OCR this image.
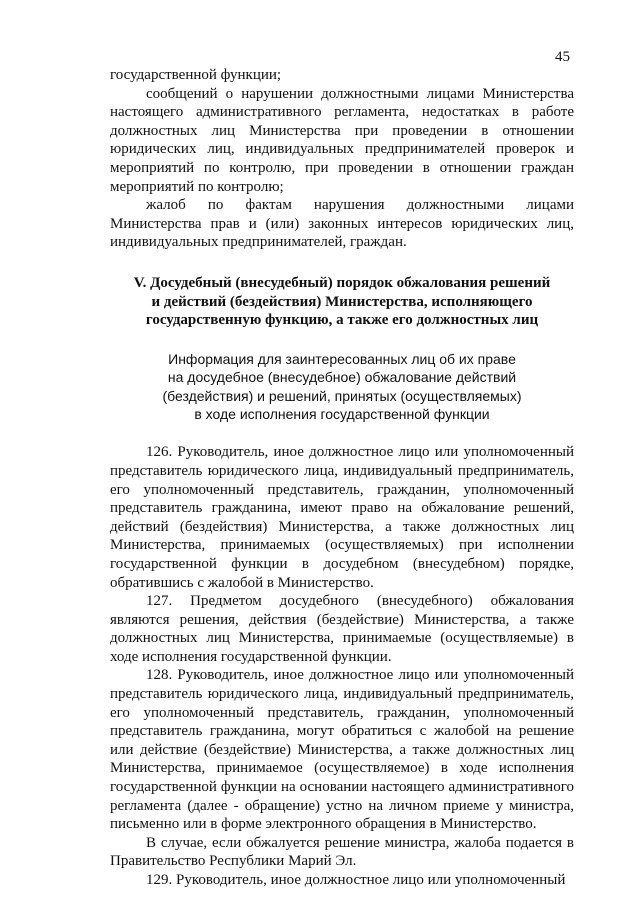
45

государственной функции;

сообщений о нарушении должностными лицами Министерства настоящего административного регламента, недостатках в работе должностных лиц Министерства при проведении в отношении юридических лиц, индивидуальных предпринимателей проверок и мероприятий по контролю, при проведении в отношении граждан мероприятий по контролю;

жалоб по фактам нарушения должностными лицами Министерства прав и (или) законных интересов юридических лиц, индивидуальных предпринимателей, граждан.

V. Досудебный (внесудебный) порядок обжалования решений
и действий (бездействия) Министерства, исполняющего
государственную функцию, а также его должностных лиц
Информация для заинтересованных лиц об их праве
на досудебное (внесудебное) обжалование действий
(бездействия) и решений, принятых (осуществляемых)
в ходе исполнения государственной функции

126. Руководитель, иное должностное лицо или уполномоченный представитель юридического лица, индивидуальный предприниматель, его уполномоченный представитель, гражданин, уполномоченный представитель гражданина, имеют право на обжалование решений, действий (бездействия) Министерства, а также должностных лиц Министерства, принимаемых (осуществляемых) при исполнении государственной функции в досудебном (внесудебном) порядке, обратившись с жалобой в Министерство.

127. Предметом досудебного (внесудебного) обжалования являются решения, действия (бездействие) Министерства, а также должностных лиц Министерства, принимаемые (осуществляемые) в ходе исполнения государственной функции.

128. Руководитель, иное должностное лицо или уполномоченный представитель юридического лица, индивидуальный предприниматель, его уполномоченный представитель, гражданин, уполномоченный представитель гражданина, могут обратиться с жалобой на решение или действие (бездействие) Министерства, а также должностных лиц Министерства, принимаемое (осуществляемое) в ходе исполнения государственной функции на основании настоящего административного регламента (далее - обращение) устно на личном приеме у министра, письменно или в форме электронного обращения в Министерство.

В случае, если обжалуется решение министра, жалоба подается в Правительство Республики Марий Эл.

129. Руководитель, иное должностное лицо или уполномоченный
